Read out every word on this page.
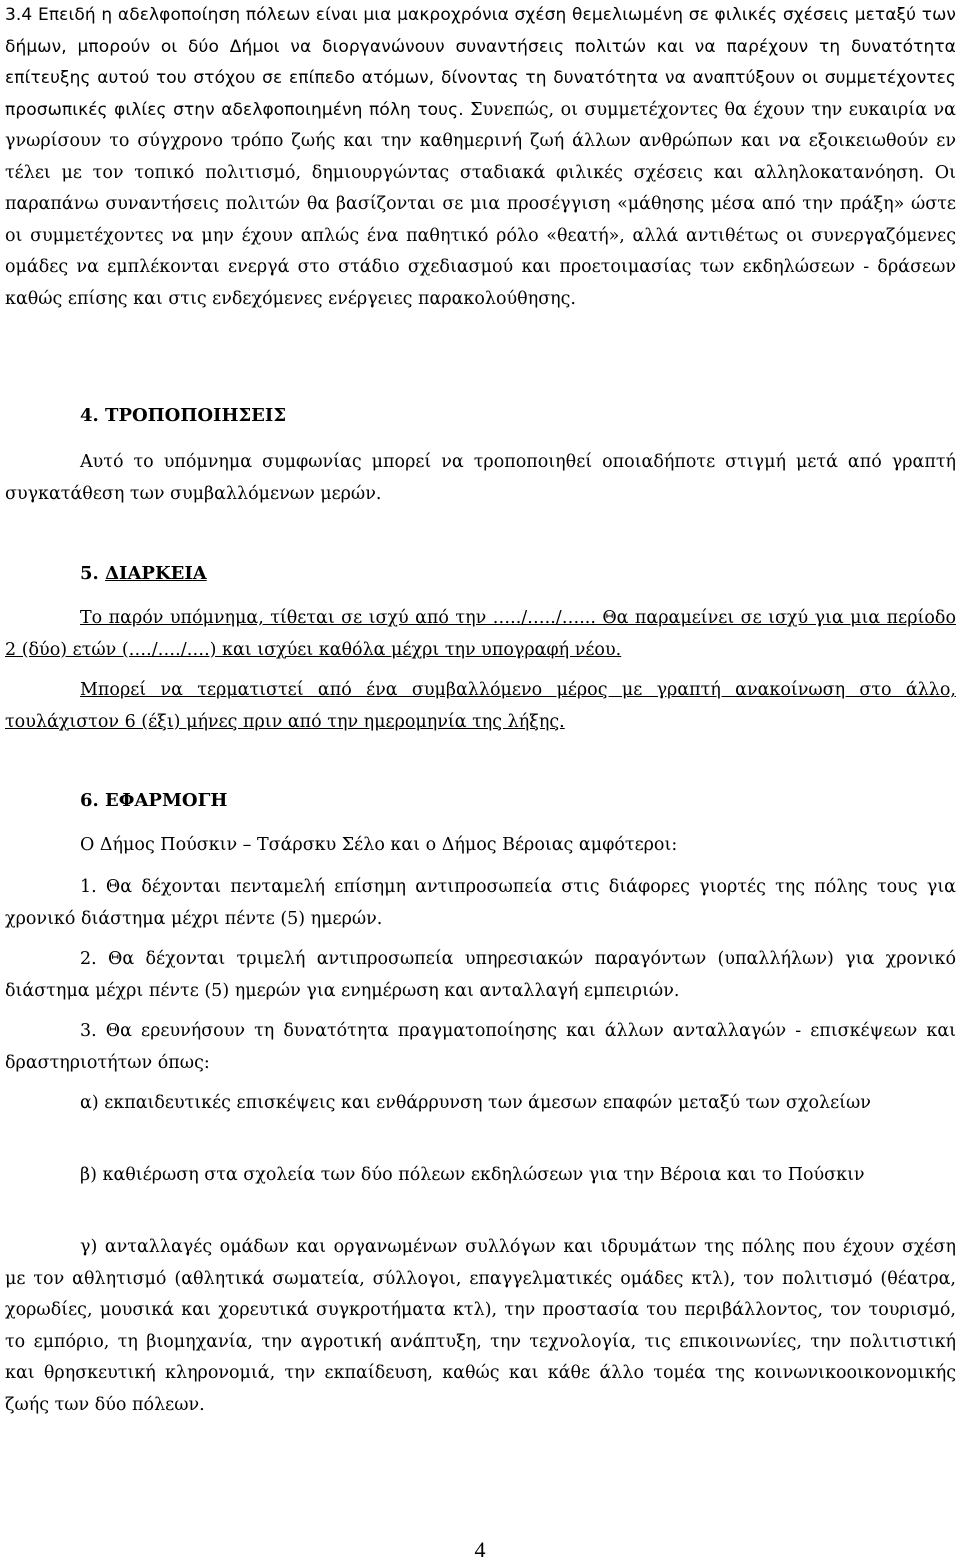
3.4 Επειδή η αδελφοποίηση πόλεων είναι μια μακροχρόνια σχέση θεμελιωμένη σε φιλικές σχέσεις μεταξύ των δήμων, μπορούν οι δύο Δήμοι να διοργανώνουν συναντήσεις πολιτών και να παρέχουν τη δυνατότητα επίτευξης αυτού του στόχου σε επίπεδο ατόμων, δίνοντας τη δυνατότητα να αναπτύξουν οι συμμετέχοντες προσωπικές φιλίες στην αδελφοποιημένη πόλη τους. Συνεπώς, οι συμμετέχοντες θα έχουν την ευκαιρία να γνωρίσουν το σύγχρονο τρόπο ζωής και την καθημερινή ζωή άλλων ανθρώπων και να εξοικειωθούν εν τέλει με τον τοπικό πολιτισμό, δημιουργώντας σταδιακά φιλικές σχέσεις και αλληλοκατανόηση. Οι παραπάνω συναντήσεις πολιτών θα βασίζονται σε μια προσέγγιση «μάθησης μέσα από την πράξη» ώστε οι συμμετέχοντες να μην έχουν απλώς ένα παθητικό ρόλο «θεατή», αλλά αντιθέτως οι συνεργαζόμενες ομάδες να εμπλέκονται ενεργά στο στάδιο σχεδιασμού και προετοιμασίας των εκδηλώσεων - δράσεων καθώς επίσης και στις ενδεχόμενες ενέργειες παρακολούθησης.

4. ΤΡΟΠΟΠΟΙΗΣΕΙΣ

Αυτό το υπόμνημα συμφωνίας μπορεί να τροποποιηθεί οποιαδήποτε στιγμή μετά από γραπτή συγκατάθεση των συμβαλλόμενων μερών.

5. ΔΙΑΡΚΕΙΑ

Το παρόν υπόμνημα, τίθεται σε ισχύ από την …../…../…... Θα παραμείνει σε ισχύ για μια περίοδο 2 (δύο) ετών (…./…./….) και ισχύει καθόλα μέχρι την υπογραφή νέου.

Μπορεί να τερματιστεί από ένα συμβαλλόμενο μέρος με γραπτή ανακοίνωση στο άλλο, τουλάχιστον 6 (έξι) μήνες πριν από την ημερομηνία της λήξης.

6. ΕΦΑΡΜΟΓΗ

Ο Δήμος Πούσκιν – Τσάρσκυ Σέλο και ο Δήμος Βέροιας αμφότεροι:

1. Θα δέχονται πενταμελή επίσημη αντιπροσωπεία στις διάφορες γιορτές της πόλης τους για χρονικό διάστημα μέχρι πέντε (5) ημερών.

2. Θα δέχονται τριμελή αντιπροσωπεία υπηρεσιακών παραγόντων (υπαλλήλων) για χρονικό διάστημα μέχρι πέντε (5) ημερών για ενημέρωση και ανταλλαγή εμπειριών.

3. Θα ερευνήσουν τη δυνατότητα πραγματοποίησης και άλλων ανταλλαγών - επισκέψεων και δραστηριοτήτων όπως:

α) εκπαιδευτικές επισκέψεις και ενθάρρυνση των άμεσων επαφών μεταξύ των σχολείων

β) καθιέρωση στα σχολεία των δύο πόλεων εκδηλώσεων για την Βέροια και το Πούσκιν

γ) ανταλλαγές ομάδων και οργανωμένων συλλόγων και ιδρυμάτων της πόλης που έχουν σχέση με τον αθλητισμό (αθλητικά σωματεία, σύλλογοι, επαγγελματικές ομάδες κτλ), τον πολιτισμό (θέατρα, χορωδίες, μουσικά και χορευτικά συγκροτήματα κτλ), την προστασία του περιβάλλοντος, τον τουρισμό, το εμπόριο, τη βιομηχανία, την αγροτική ανάπτυξη, την τεχνολογία, τις επικοινωνίες, την πολιτιστική και θρησκευτική κληρονομιά, την εκπαίδευση, καθώς και κάθε άλλο τομέα της κοινωνικοοικονομικής ζωής των δύο πόλεων.

4
